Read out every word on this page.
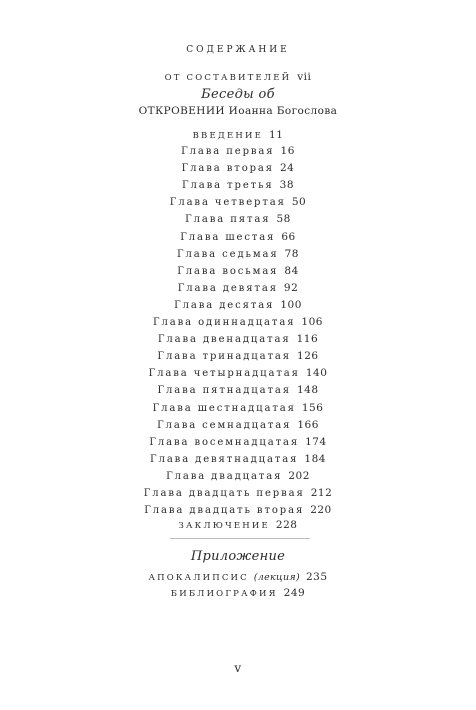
СОДЕРЖАНИЕ
ОТ СОСТАВИТЕЛЕЙ vii
Беседы об
ОТКРОВЕНИИ Иоанна Богослова
ВВЕДЕНИЕ 11
Глава первая 16
Глава вторая 24
Глава третья 38
Глава четвертая 50
Глава пятая 58
Глава шестая 66
Глава седьмая 78
Глава восьмая 84
Глава девятая 92
Глава десятая 100
Глава одиннадцатая 106
Глава двенадцатая 116
Глава тринадцатая 126
Глава четырнадцатая 140
Глава пятнадцатая 148
Глава шестнадцатая 156
Глава семнадцатая 166
Глава восемнадцатая 174
Глава девятнадцатая 184
Глава двадцатая 202
Глава двадцать первая 212
Глава двадцать вторая 220
ЗАКЛЮЧЕНИЕ 228
Приложение
АПОКАЛИПСИС (лекция) 235
БИБЛИОГРАФИЯ 249
v
